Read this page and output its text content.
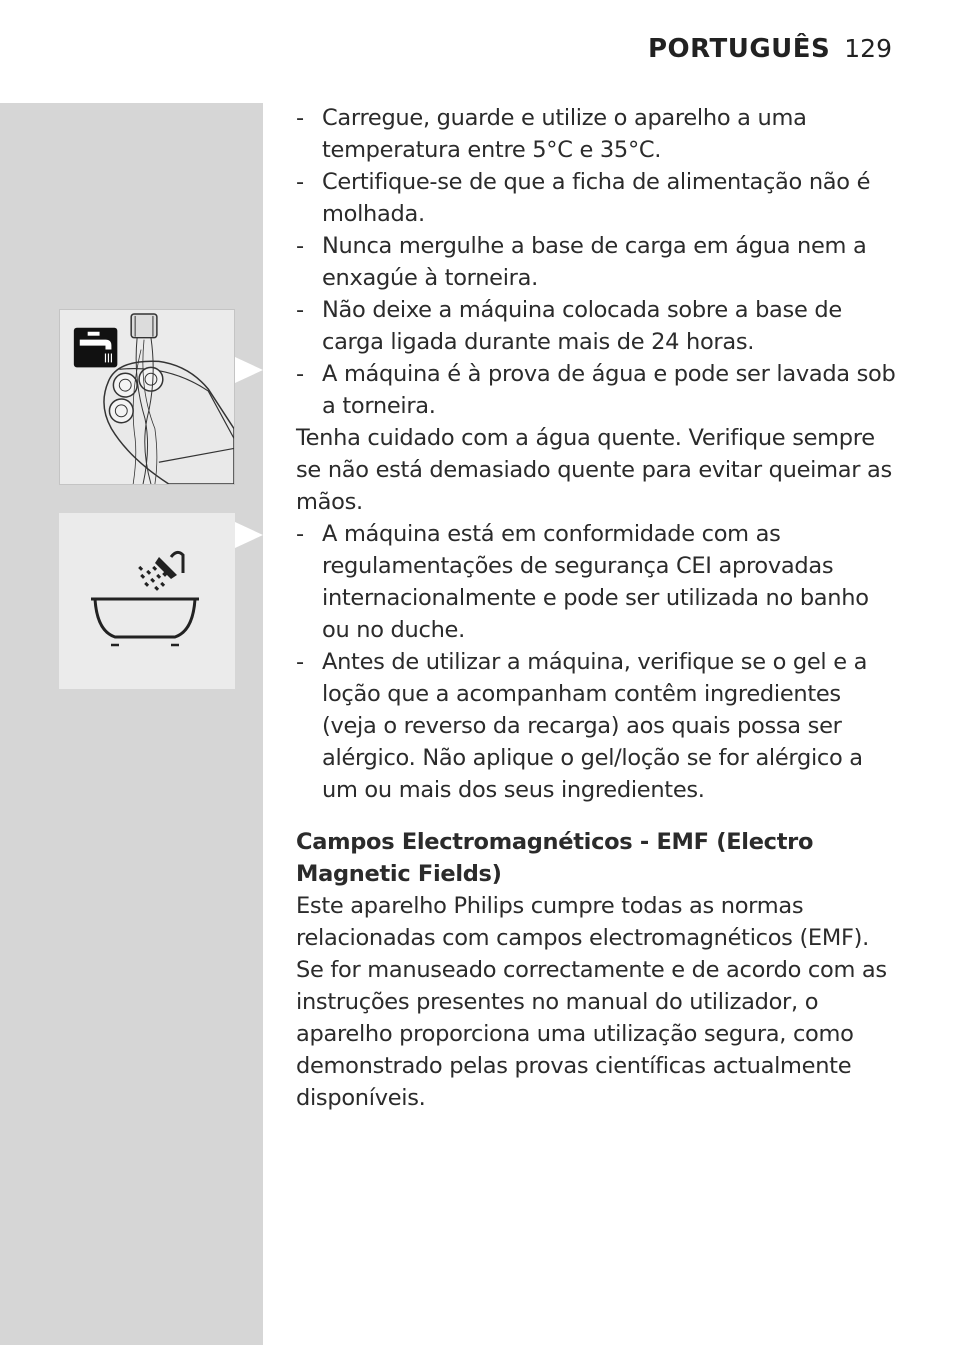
PORTUGUÊS 129

- Carregue, guarde e utilize o aparelho a uma temperatura entre 5°C e 35°C.

- Certifique-se de que a ficha de alimentação não é molhada.

- Nunca mergulhe a base de carga em água nem a enxagúe à torneira.

- Não deixe a máquina colocada sobre a base de carga ligada durante mais de 24 horas.

- A máquina é à prova de água e pode ser lavada sob a torneira.

Tenha cuidado com a água quente. Verifique sempre se não está demasiado quente para evitar queimar as mãos.

- A máquina está em conformidade com as regulamentações de segurança CEI aprovadas internacionalmente e pode ser utilizada no banho ou no duche.

- Antes de utilizar a máquina, verifique se o gel e a loção que a acompanham contêm ingredientes (veja o reverso da recarga) aos quais possa ser alérgico. Não aplique o gel/loção se for alérgico a um ou mais dos seus ingredientes.

Campos Electromagnéticos - EMF (Electro Magnetic Fields)

Este aparelho Philips cumpre todas as normas relacionadas com campos electromagnéticos (EMF). Se for manuseado correctamente e de acordo com as instruções presentes no manual do utilizador, o aparelho proporciona uma utilização segura, como demonstrado pelas provas científicas actualmente disponíveis.
